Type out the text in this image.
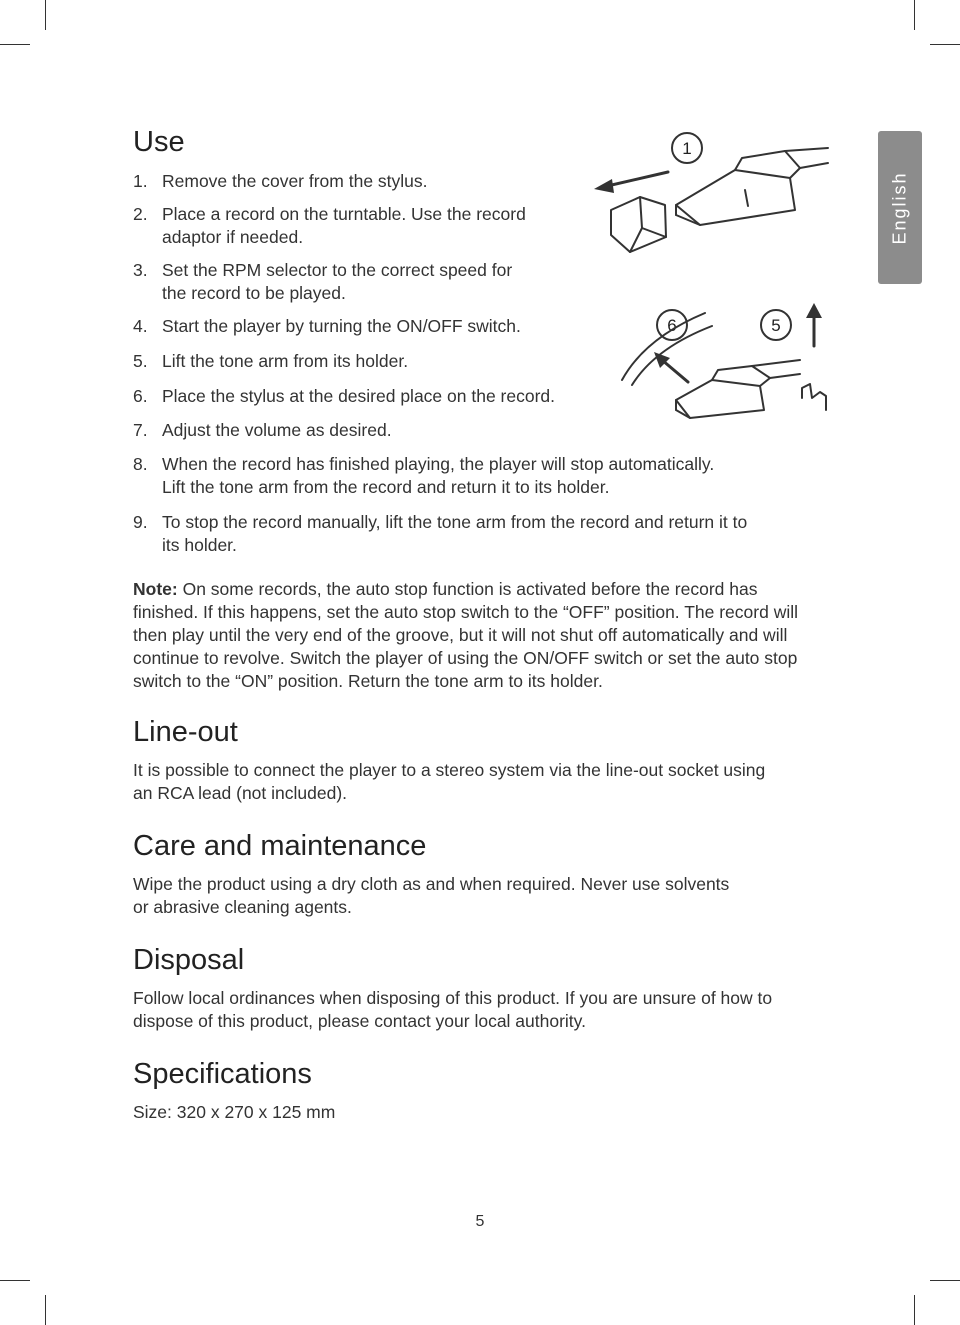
English
1
6	5
Use
1. Remove the cover from the stylus.
2. Place a record on the turntable. Use the record
adaptor if needed.
3. Set the RPM selector to the correct speed for
the record to be played.
4. Start the player by turning the ON/OFF switch.
5. Lift the tone arm from its holder.
6. Place the stylus at the desired place on the record.
7. Adjust the volume as desired.
8. When the record has finished playing, the player will stop automatically.
Lift the tone arm from the record and return it to its holder.
9. To stop the record manually, lift the tone arm from the record and return it to
its holder.
Note: On some records, the auto stop function is activated before the record has
finished. If this happens, set the auto stop switch to the “OFF” position. The record will
then play until the very end of the groove, but it will not shut off automatically and will
continue to revolve. Switch the player of using the ON/OFF switch or set the auto stop
switch to the “ON” position. Return the tone arm to its holder.
Line-out
It is possible to connect the player to a stereo system via the line-out socket using
an RCA lead (not included).
Care and maintenance
Wipe the product using a dry cloth as and when required. Never use solvents
or abrasive cleaning agents.
Disposal
Follow local ordinances when disposing of this product. If you are unsure of how to
dispose of this product, please contact your local authority.
Specifications
Size: 320 x 270 x 125 mm
5
